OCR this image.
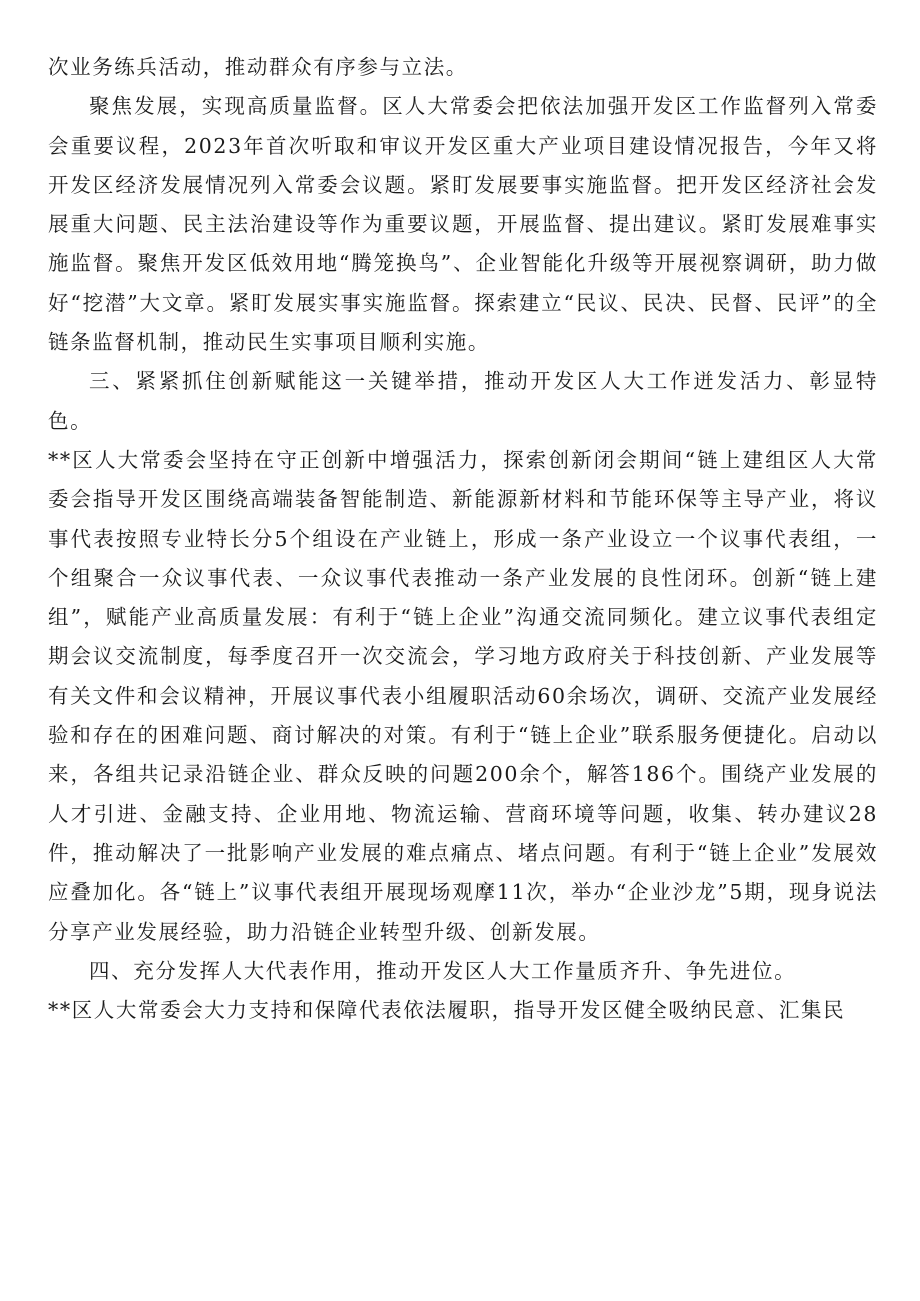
次业务练兵活动，推动群众有序参与立法。

聚焦发展，实现高质量监督。区人大常委会把依法加强开发区工作监督列入常委会重要议程，2023年首次听取和审议开发区重大产业项目建设情况报告，今年又将开发区经济发展情况列入常委会议题。紧盯发展要事实施监督。把开发区经济社会发展重大问题、民主法治建设等作为重要议题，开展监督、提出建议。紧盯发展难事实施监督。聚焦开发区低效用地“腾笼换鸟”、企业智能化升级等开展视察调研，助力做好“挖潜”大文章。紧盯发展实事实施监督。探索建立“民议、民决、民督、民评”的全链条监督机制，推动民生实事项目顺利实施。

三、紧紧抓住创新赋能这一关键举措，推动开发区人大工作迸发活力、彰显特色。

**区人大常委会坚持在守正创新中增强活力，探索创新闭会期间“链上建组区人大常委会指导开发区围绕高端装备智能制造、新能源新材料和节能环保等主导产业，将议事代表按照专业特长分5个组设在产业链上，形成一条产业设立一个议事代表组，一个组聚合一众议事代表、一众议事代表推动一条产业发展的良性闭环。创新“链上建组”，赋能产业高质量发展：有利于“链上企业”沟通交流同频化。建立议事代表组定期会议交流制度，每季度召开一次交流会，学习地方政府关于科技创新、产业发展等有关文件和会议精神，开展议事代表小组履职活动60余场次，调研、交流产业发展经验和存在的困难问题、商讨解决的对策。有利于“链上企业”联系服务便捷化。启动以来，各组共记录沿链企业、群众反映的问题200余个，解答186个。围绕产业发展的人才引进、金融支持、企业用地、物流运输、营商环境等问题，收集、转办建议28件，推动解决了一批影响产业发展的难点痛点、堵点问题。有利于“链上企业”发展效应叠加化。各“链上”议事代表组开展现场观摩11次，举办“企业沙龙”5期，现身说法分享产业发展经验，助力沿链企业转型升级、创新发展。

四、充分发挥人大代表作用，推动开发区人大工作量质齐升、争先进位。

**区人大常委会大力支持和保障代表依法履职，指导开发区健全吸纳民意、汇集民
